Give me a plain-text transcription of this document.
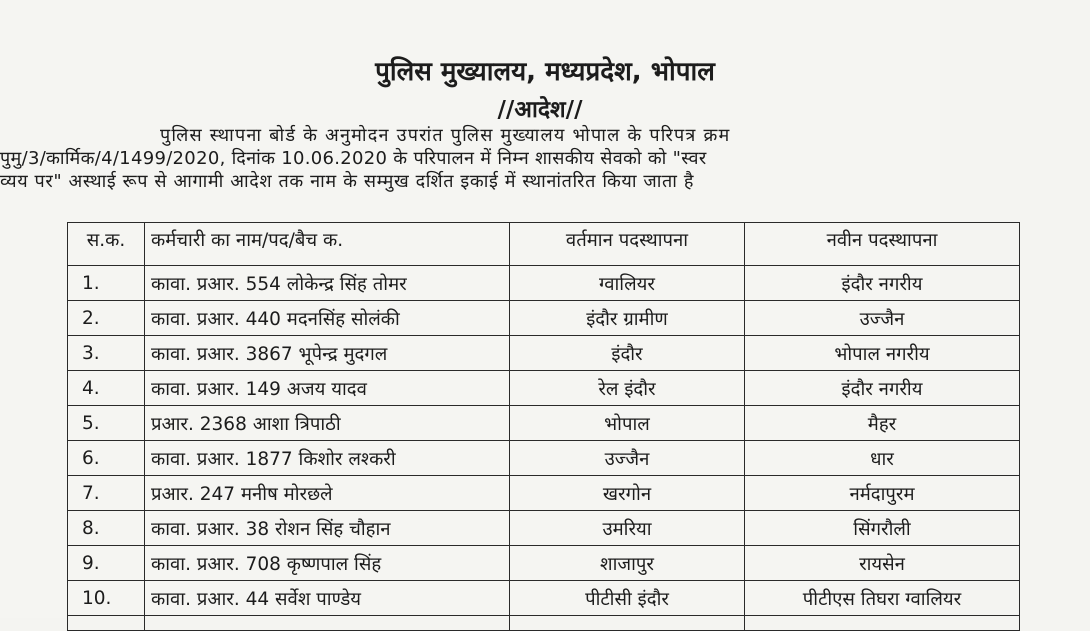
पुलिस मुख्यालय, मध्यप्रदेश, भोपाल
//आदेश//
पुलिस स्थापना बोर्ड के अनुमोदन उपरांत पुलिस मुख्यालय भोपाल के परिपत्र क्रम
पुमु/3/कार्मिक/4/1499/2020, दिनांक 10.06.2020 के परिपालन में निम्न शासकीय सेवको को "स्वर
व्यय पर" अस्थाई रूप से आगामी आदेश तक नाम के सम्मुख दर्शित इकाई में स्थानांतरित किया जाता है
स.क.	कर्मचारी का नाम/पद/बैच क.	वर्तमान पदस्थापना	नवीन पदस्थापना
1.	कावा. प्रआर. 554 लोकेन्द्र सिंह तोमर	ग्वालियर	इंदौर नगरीय
2.	कावा. प्रआर. 440 मदनसिंह सोलंकी	इंदौर ग्रामीण	उज्जैन
3.	कावा. प्रआर. 3867 भूपेन्द्र मुदगल	इंदौर	भोपाल नगरीय
4.	कावा. प्रआर. 149 अजय यादव	रेल इंदौर	इंदौर नगरीय
5.	प्रआर. 2368 आशा त्रिपाठी	भोपाल	मैहर
6.	कावा. प्रआर. 1877 किशोर लश्करी	उज्जैन	धार
7.	प्रआर. 247 मनीष मोरछले	खरगोन	नर्मदापुरम
8.	कावा. प्रआर. 38 रोशन सिंह चौहान	उमरिया	सिंगरौली
9.	कावा. प्रआर. 708 कृष्णपाल सिंह	शाजापुर	रायसेन
10.	कावा. प्रआर. 44 सर्वेश पाण्डेय	पीटीसी इंदौर	पीटीएस तिघरा ग्वालियर
